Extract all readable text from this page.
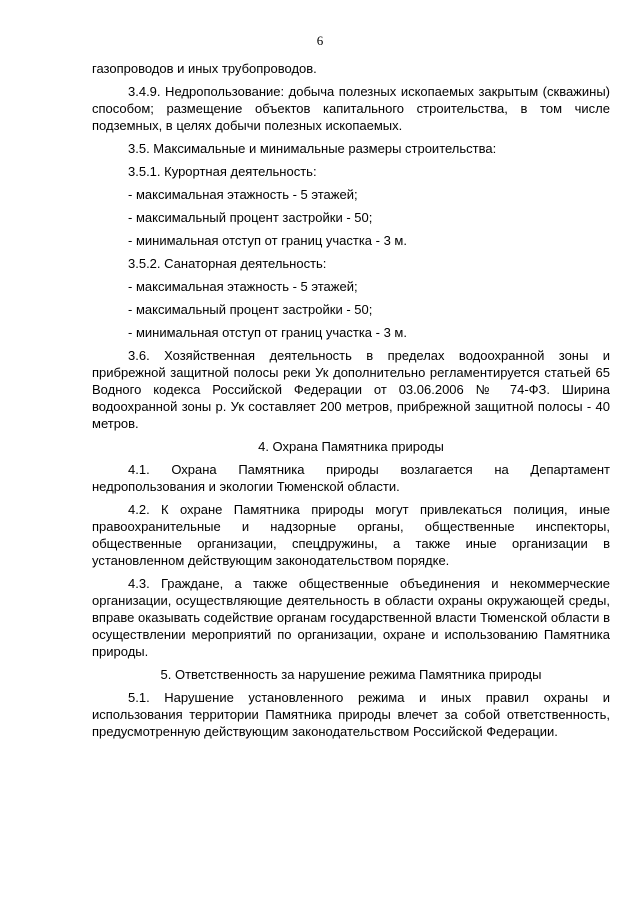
6

газопроводов и иных трубопроводов.

3.4.9. Недропользование: добыча полезных ископаемых закрытым (скважины) способом; размещение объектов капитального строительства, в том числе подземных, в целях добычи полезных ископаемых.

3.5. Максимальные и минимальные размеры строительства:

3.5.1. Курортная деятельность:

- максимальная этажность - 5 этажей;

- максимальный процент застройки - 50;

- минимальная отступ от границ участка - 3 м.

3.5.2. Санаторная деятельность:

- максимальная этажность - 5 этажей;

- максимальный процент застройки - 50;

- минимальная отступ от границ участка - 3 м.

3.6. Хозяйственная деятельность в пределах водоохранной зоны и прибрежной защитной полосы реки Ук дополнительно регламентируется статьей 65 Водного кодекса Российской Федерации от 03.06.2006 № 74-ФЗ. Ширина водоохранной зоны р. Ук составляет 200 метров, прибрежной защитной полосы - 40 метров.

4. Охрана Памятника природы

4.1. Охрана Памятника природы возлагается на Департамент недропользования и экологии Тюменской области.

4.2. К охране Памятника природы могут привлекаться полиция, иные правоохранительные и надзорные органы, общественные инспекторы, общественные организации, спецдружины, а также иные организации в установленном действующим законодательством порядке.

4.3. Граждане, а также общественные объединения и некоммерческие организации, осуществляющие деятельность в области охраны окружающей среды, вправе оказывать содействие органам государственной власти Тюменской области в осуществлении мероприятий по организации, охране и использованию Памятника природы.

5. Ответственность за нарушение режима Памятника природы

5.1. Нарушение установленного режима и иных правил охраны и использования территории Памятника природы влечет за собой ответственность, предусмотренную действующим законодательством Российской Федерации.
